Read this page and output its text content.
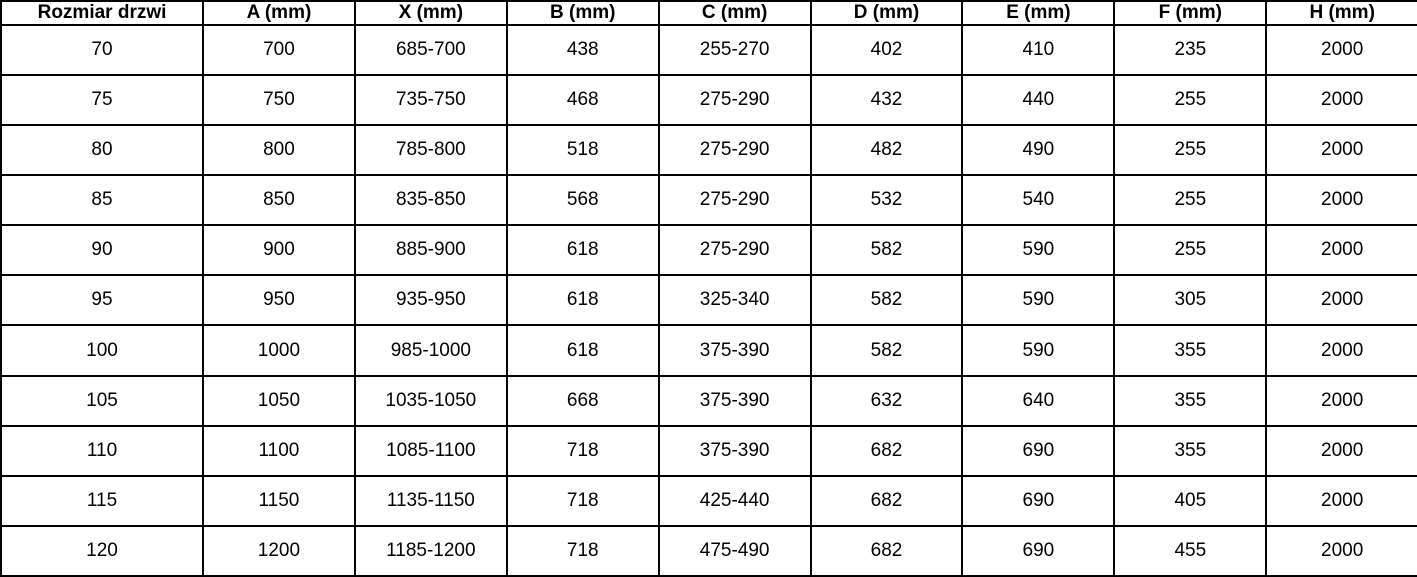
Rozmiar drzwi	A (mm)	X (mm)	B (mm)	C (mm)	D (mm)	E (mm)	F (mm)	H (mm)
70	700	685-700	438	255-270	402	410	235	2000
75	750	735-750	468	275-290	432	440	255	2000
80	800	785-800	518	275-290	482	490	255	2000
85	850	835-850	568	275-290	532	540	255	2000
90	900	885-900	618	275-290	582	590	255	2000
95	950	935-950	618	325-340	582	590	305	2000
100	1000	985-1000	618	375-390	582	590	355	2000
105	1050	1035-1050	668	375-390	632	640	355	2000
110	1100	1085-1100	718	375-390	682	690	355	2000
115	1150	1135-1150	718	425-440	682	690	405	2000
120	1200	1185-1200	718	475-490	682	690	455	2000
